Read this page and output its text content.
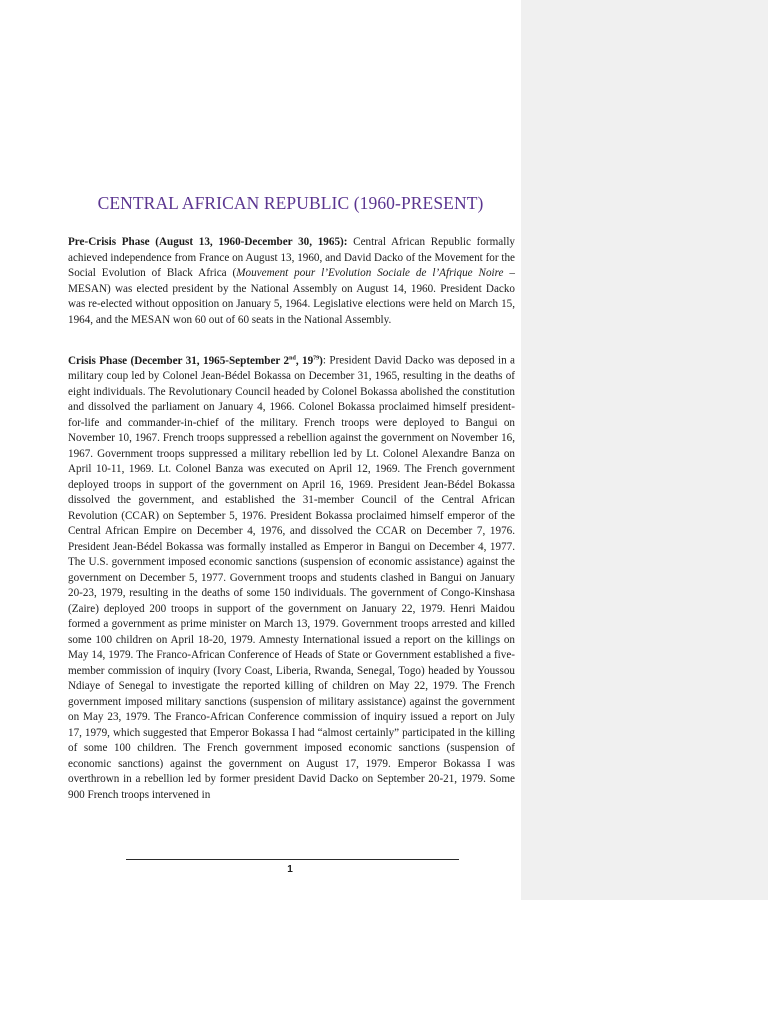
CENTRAL AFRICAN REPUBLIC (1960-PRESENT)

Pre-Crisis Phase (August 13, 1960-December 30, 1965): Central African Republic formally achieved independence from France on August 13, 1960, and David Dacko of the Movement for the Social Evolution of Black Africa (Mouvement pour l’Evolution Sociale de l’Afrique Noire – MESAN) was elected president by the National Assembly on August 14, 1960. President Dacko was re-elected without opposition on January 5, 1964. Legislative elections were held on March 15, 1964, and the MESAN won 60 out of 60 seats in the National Assembly.

Crisis Phase (December 31, 1965-September 2nd, $19^{79}$): President David Dacko was deposed in a military coup led by Colonel Jean-Bédel Bokassa on December 31, 1965, resulting in the deaths of eight individuals. The Revolutionary Council headed by Colonel Bokassa abolished the constitution and dissolved the parliament on January 4, 1966. Colonel Bokassa proclaimed himself president-for-life and commander-in-chief of the military. French troops were deployed to Bangui on November 10, 1967. French troops suppressed a rebellion against the government on November 16, 1967. Government troops suppressed a military rebellion led by Lt. Colonel Alexandre Banza on April 10-11, 1969. Lt. Colonel Banza was executed on April 12, 1969. The French government deployed troops in support of the government on April 16, 1969. President Jean-Bédel Bokassa dissolved the government, and established the 31-member Council of the Central African Revolution (CCAR) on September 5, 1976. President Bokassa proclaimed himself emperor of the Central African Empire on December 4, 1976, and dissolved the CCAR on December 7, 1976. President Jean-Bédel Bokassa was formally installed as Emperor in Bangui on December 4, 1977. The U.S. government imposed economic sanctions (suspension of economic assistance) against the government on December 5, 1977. Government troops and students clashed in Bangui on January 20-23, 1979, resulting in the deaths of some 150 individuals. The government of Congo-Kinshasa (Zaire) deployed 200 troops in support of the government on January 22, 1979. Henri Maidou formed a government as prime minister on March 13, 1979. Government troops arrested and killed some 100 children on April 18-20, 1979. Amnesty International issued a report on the killings on May 14, 1979. The Franco-African Conference of Heads of State or Government established a five-member commission of inquiry (Ivory Coast, Liberia, Rwanda, Senegal, Togo) headed by Youssou Ndiaye of Senegal to investigate the reported killing of children on May 22, 1979. The French government imposed military sanctions (suspension of military assistance) against the government on May 23, 1979. The Franco-African Conference commission of inquiry issued a report on July 17, 1979, which suggested that Emperor Bokassa I had “almost certainly” participated in the killing of some 100 children. The French government imposed economic sanctions (suspension of economic sanctions) against the government on August 17, 1979. Emperor Bokassa I was overthrown in a rebellion led by former president David Dacko on September 20-21, 1979. Some 900 French troops intervened in

1
